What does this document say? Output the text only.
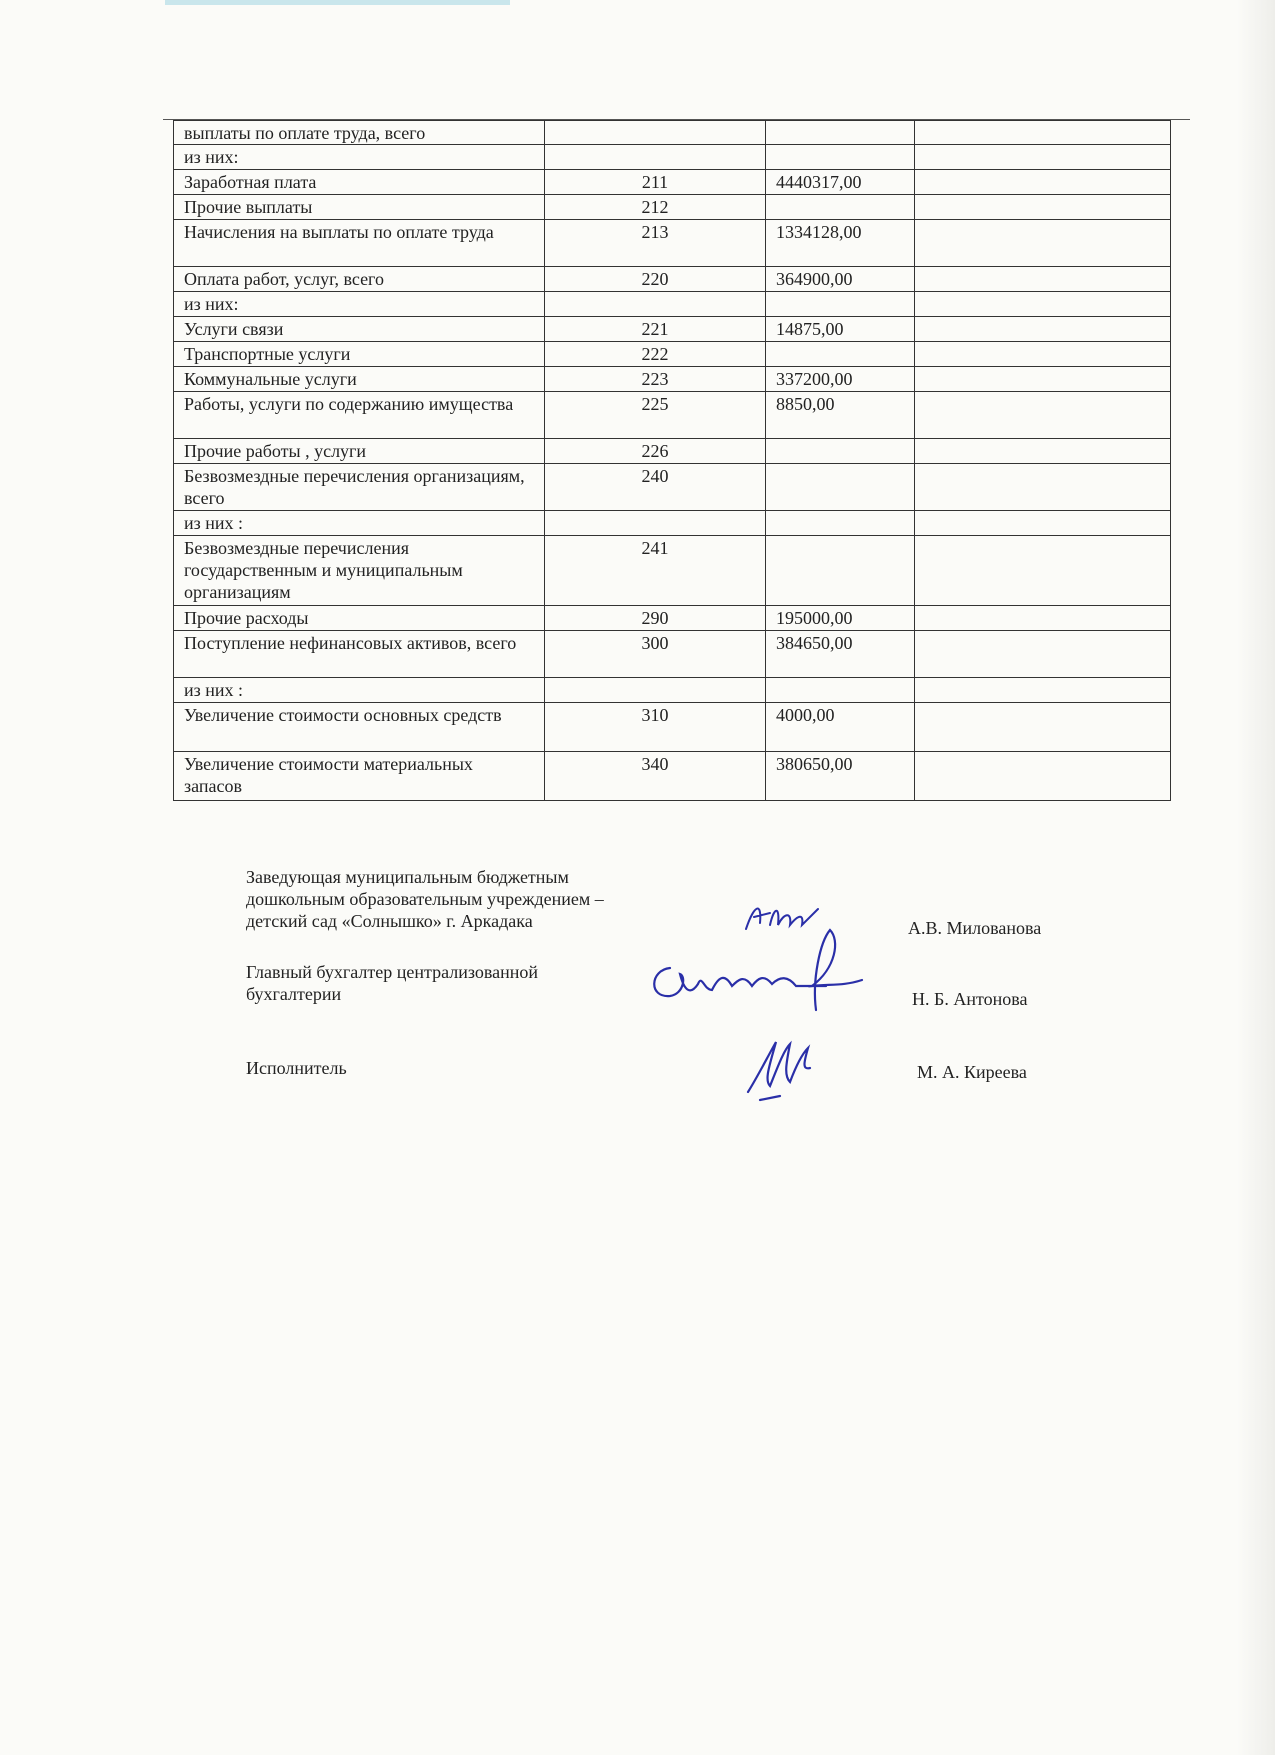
выплаты по оплате труда, всего			
из них:			
Заработная плата	211	4440317,00	
Прочие выплаты	212		
Начисления на выплаты по оплате труда	213	1334128,00	
Оплата работ, услуг, всего	220	364900,00	
из них:			
Услуги связи	221	14875,00	
Транспортные услуги	222		
Коммунальные услуги	223	337200,00	
Работы, услуги по содержанию имущества	225	8850,00	
Прочие работы , услуги	226		
Безвозмездные перечисления организациям, всего	240		
из них :			
Безвозмездные перечисления государственным и муниципальным организациям	241		
Прочие расходы	290	195000,00	
Поступление нефинансовых активов, всего	300	384650,00	
из них :			
Увеличение стоимости основных средств	310	4000,00	
Увеличение стоимости материальных запасов	340	380650,00	
Заведующая муниципальным бюджетным
дошкольным образовательным учреждением –
детский сад «Солнышко» г. Аркадака	А.В. Милованова
Главный бухгалтер централизованной
бухгалтерии	Н. Б. Антонова
Исполнитель	М. А. Киреева
